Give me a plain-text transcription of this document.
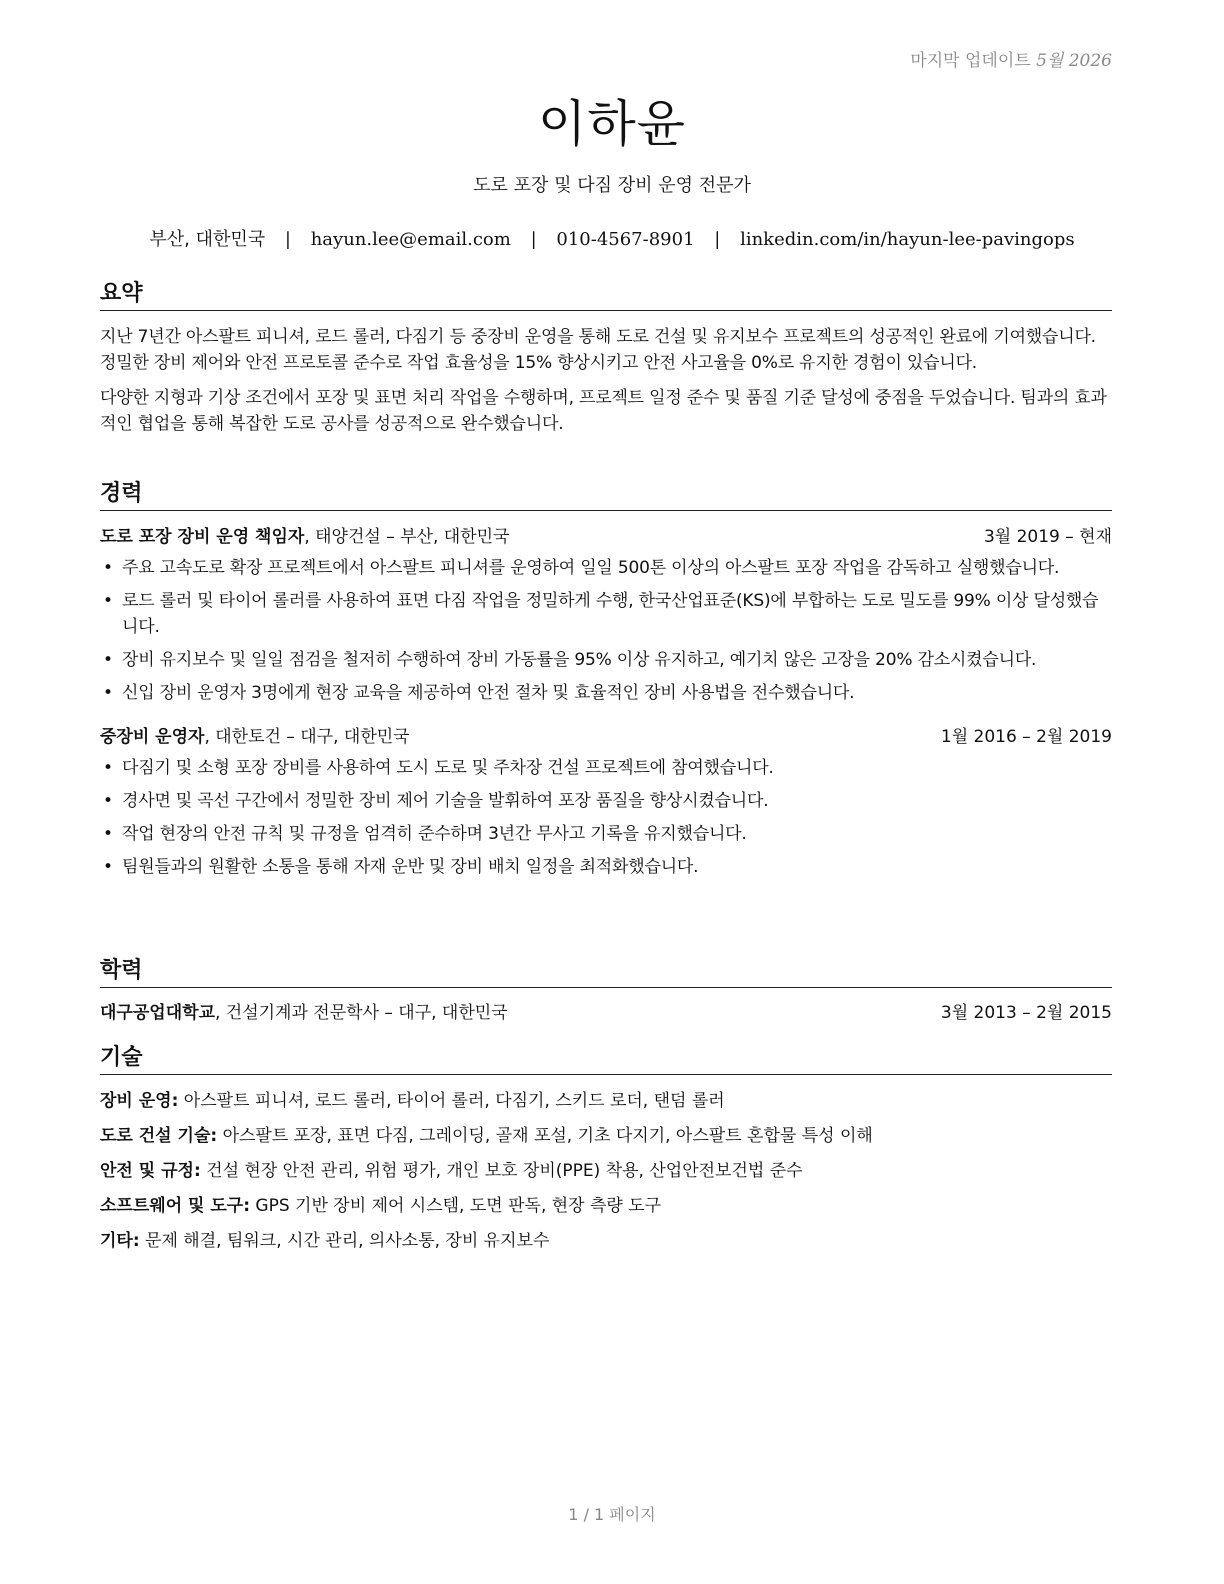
마지막 업데이트 5월 2026
이하윤
도로 포장 및 다짐 장비 운영 전문가
부산, 대한민국 | hayun.lee@email.com | 010-4567-8901 | linkedin.com/in/hayun-lee-pavingops
요약

지난 7년간 아스팔트 피니셔, 로드 롤러, 다짐기 등 중장비 운영을 통해 도로 건설 및 유지보수 프로젝트의 성공적인 완료에 기여했습니다. 정밀한 장비 제어와 안전 프로토콜 준수로 작업 효율성을 15% 향상시키고 안전 사고율을 0%로 유지한 경험이 있습니다.

다양한 지형과 기상 조건에서 포장 및 표면 처리 작업을 수행하며, 프로젝트 일정 준수 및 품질 기준 달성에 중점을 두었습니다. 팀과의 효과적인 협업을 통해 복잡한 도로 공사를 성공적으로 완수했습니다.

경력
도로 포장 장비 운영 책임자, 태양건설 – 부산, 대한민국	3월 2019 – 현재
• 주요 고속도로 확장 프로젝트에서 아스팔트 피니셔를 운영하여 일일 500톤 이상의 아스팔트 포장 작업을 감독하고 실행했습니다.
• 로드 롤러 및 타이어 롤러를 사용하여 표면 다짐 작업을 정밀하게 수행, 한국산업표준(KS)에 부합하는 도로 밀도를 99% 이상 달성했습니다.
• 장비 유지보수 및 일일 점검을 철저히 수행하여 장비 가동률을 95% 이상 유지하고, 예기치 않은 고장을 20% 감소시켰습니다.
• 신입 장비 운영자 3명에게 현장 교육을 제공하여 안전 절차 및 효율적인 장비 사용법을 전수했습니다.
중장비 운영자, 대한토건 – 대구, 대한민국	1월 2016 – 2월 2019
• 다짐기 및 소형 포장 장비를 사용하여 도시 도로 및 주차장 건설 프로젝트에 참여했습니다.
• 경사면 및 곡선 구간에서 정밀한 장비 제어 기술을 발휘하여 포장 품질을 향상시켰습니다.
• 작업 현장의 안전 규칙 및 규정을 엄격히 준수하며 3년간 무사고 기록을 유지했습니다.
• 팀원들과의 원활한 소통을 통해 자재 운반 및 장비 배치 일정을 최적화했습니다.
학력
대구공업대학교, 건설기계과 전문학사 – 대구, 대한민국	3월 2013 – 2월 2015
기술
장비 운영: 아스팔트 피니셔, 로드 롤러, 타이어 롤러, 다짐기, 스키드 로더, 탠덤 롤러
도로 건설 기술: 아스팔트 포장, 표면 다짐, 그레이딩, 골재 포설, 기초 다지기, 아스팔트 혼합물 특성 이해
안전 및 규정: 건설 현장 안전 관리, 위험 평가, 개인 보호 장비(PPE) 착용, 산업안전보건법 준수
소프트웨어 및 도구: GPS 기반 장비 제어 시스템, 도면 판독, 현장 측량 도구
기타: 문제 해결, 팀워크, 시간 관리, 의사소통, 장비 유지보수
1 / 1 페이지
